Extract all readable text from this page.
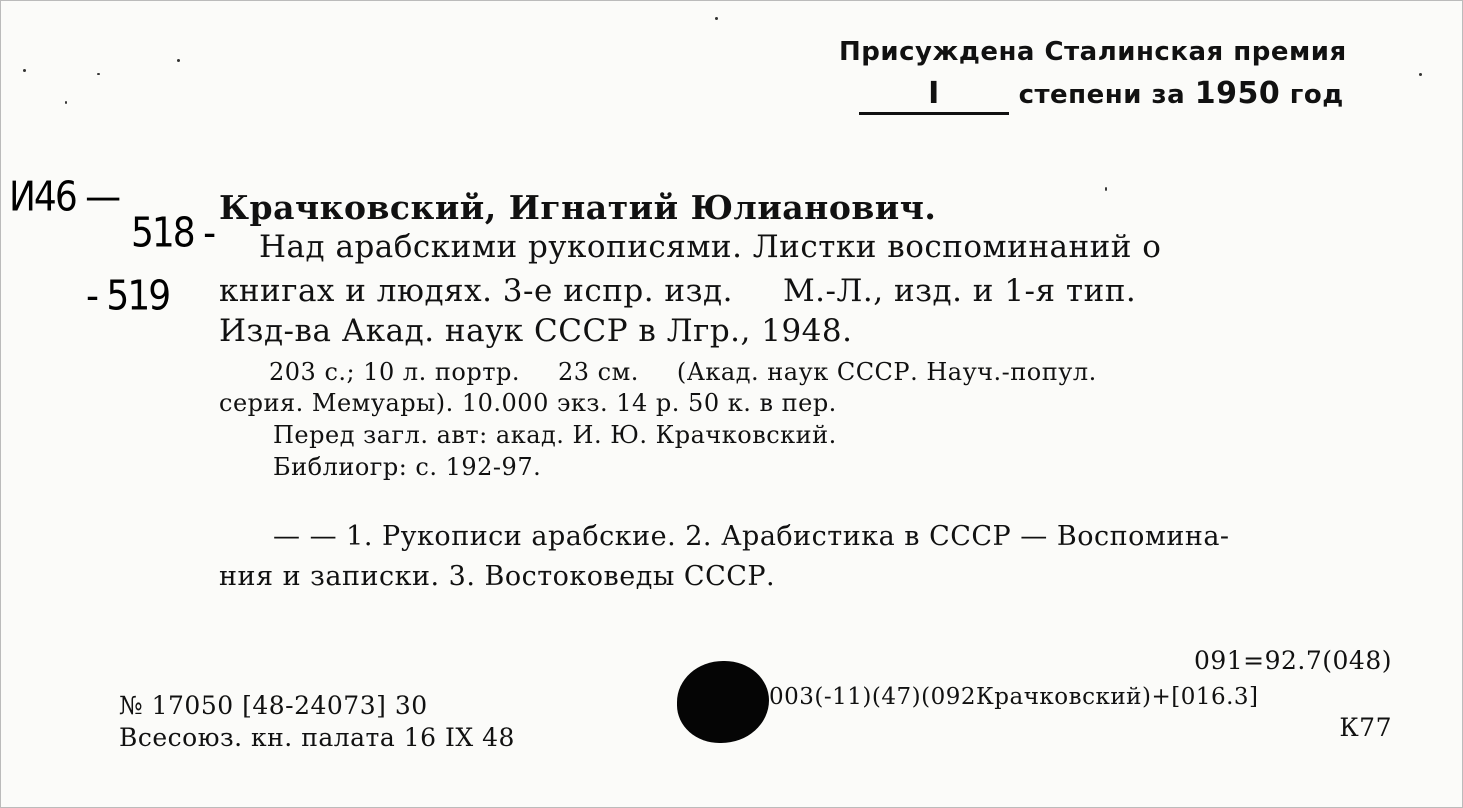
Присуждена Сталинская премия
I	степени за 1950 год
И46 —
518 -
- 519
Крачковский, Игнатий Юлианович.
Над арабскими рукописями. Листки воспоминаний о
книгах и людях. 3-е испр. изд. М.-Л., изд. и 1-я тип.
Изд-ва Акад. наук СССР в Лгр., 1948.
203 с.; 10 л. портр. 23 см. (Акад. наук СССР. Науч.-попул.
серия. Мемуары). 10.000 экз. 14 р. 50 к. в пер.
Перед загл. авт: акад. И. Ю. Крачковский.
Библиогр: с. 192-97.
— — 1. Рукописи арабские. 2. Арабистика в СССР — Воспомина-
ния и записки. 3. Востоковеды СССР.
091=92.7(048)
003(-11)(47)(092Крачковский)+[016.3]
К77
№ 17050 [48-24073] 30
Всесоюз. кн. палата 16 IX 48
